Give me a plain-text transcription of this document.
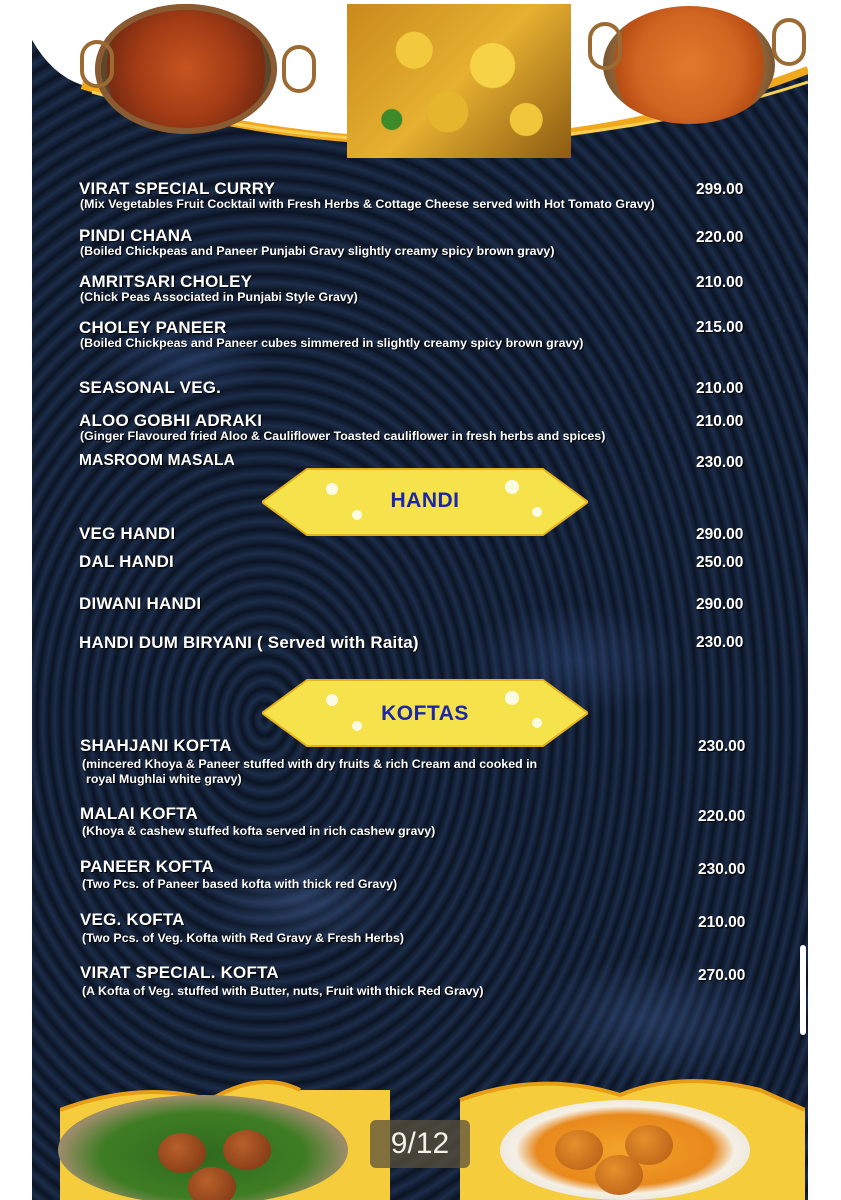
VIRAT SPECIAL CURRY
(Mix Vegetables Fruit Cocktail with Fresh Herbs & Cottage Cheese served with Hot Tomato Gravy)
299.00
PINDI CHANA
(Boiled Chickpeas and Paneer Punjabi Gravy slightly creamy spicy brown gravy)
220.00
AMRITSARI CHOLEY
(Chick Peas Associated in Punjabi Style Gravy)
210.00
CHOLEY PANEER
(Boiled Chickpeas and Paneer cubes simmered in slightly creamy spicy brown gravy)
215.00
SEASONAL VEG.	210.00
ALOO GOBHI ADRAKI
(Ginger Flavoured fried Aloo & Cauliflower Toasted cauliflower in fresh herbs and spices)
210.00
MASROOM MASALA	230.00
HANDI
VEG HANDI	290.00
DAL HANDI	250.00
DIWANI HANDI	290.00
HANDI DUM BIRYANI ( Served with Raita)	230.00
KOFTAS
SHAHJANI KOFTA
(mincered Khoya & Paneer stuffed with dry fruits & rich Cream and cooked in
royal Mughlai white gravy)
230.00
MALAI KOFTA
(Khoya & cashew stuffed kofta served in rich cashew gravy)
220.00
PANEER KOFTA
(Two Pcs. of Paneer based kofta with thick red Gravy)
230.00
VEG. KOFTA
(Two Pcs. of Veg. Kofta with Red Gravy & Fresh Herbs)
210.00
VIRAT SPECIAL. KOFTA
(A Kofta of Veg. stuffed with Butter, nuts, Fruit with thick Red Gravy)
270.00
9/12
